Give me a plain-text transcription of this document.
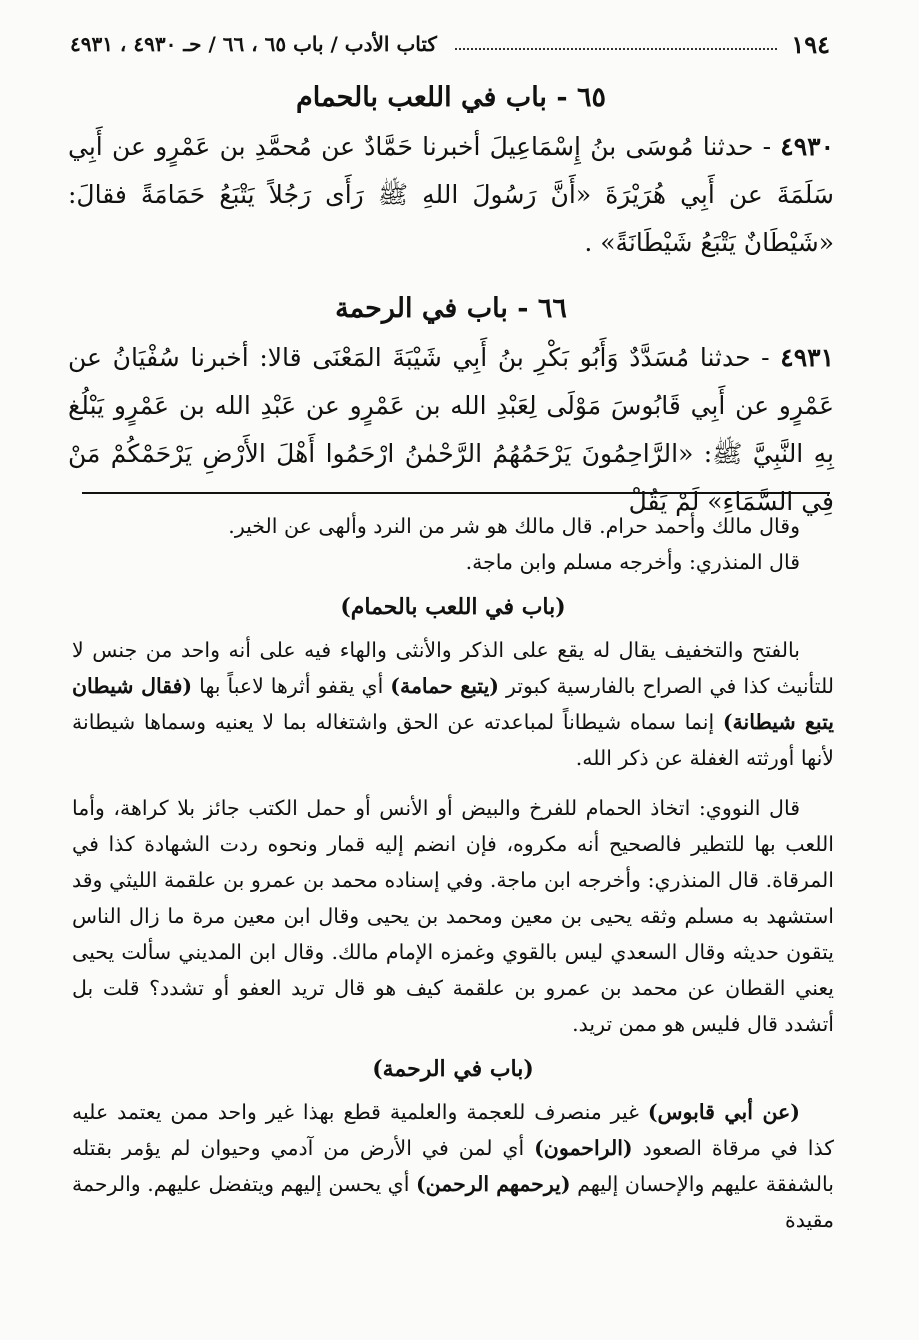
١٩٤
كتاب الأدب / باب ٦٥ ، ٦٦ / حـ ٤٩٣٠ ، ٤٩٣١
٦٥ - باب في اللعب بالحمام

٤٩٣٠ - حدثنا مُوسَى بنُ إِسْمَاعِيلَ أخبرنا حَمَّادٌ عن مُحمَّدِ بن عَمْرٍو عن أَبِي سَلَمَةَ عن أَبِي هُرَيْرَةَ «أَنَّ رَسُولَ اللهِ ﷺ رَأَى رَجُلاً يَتْبَعُ حَمَامَةً فقالَ: «شَيْطَانٌ يَتْبَعُ شَيْطَانَةً» .

٦٦ - باب في الرحمة

٤٩٣١ - حدثنا مُسَدَّدٌ وَأَبُو بَكْرِ بنُ أَبِي شَيْبَةَ المَعْنَى قالا: أخبرنا سُفْيَانُ عن عَمْرٍو عن أَبِي قَابُوسَ مَوْلَى لِعَبْدِ الله بن عَمْرٍو عن عَبْدِ الله بن عَمْرٍو يَبْلُغ بِهِ النَّبِيَّ ﷺ: «الرَّاحِمُونَ يَرْحَمُهُمُ الرَّحْمٰنُ ارْحَمُوا أَهْلَ الأَرْضِ يَرْحَمْكُمْ مَنْ فِي السَّمَاءِ» لَمْ يَقُلْ

وقال مالك وأحمد حرام. قال مالك هو شر من النرد وألهى عن الخير.

قال المنذري: وأخرجه مسلم وابن ماجة.

(باب في اللعب بالحمام)

بالفتح والتخفيف يقال له يقع على الذكر والأنثى والهاء فيه على أنه واحد من جنس لا للتأنيث كذا في الصراح بالفارسية كبوتر (يتبع حمامة) أي يقفو أثرها لاعباً بها (فقال شيطان يتبع شيطانة) إنما سماه شيطاناً لمباعدته عن الحق واشتغاله بما لا يعنيه وسماها شيطانة لأنها أورثته الغفلة عن ذكر الله.

قال النووي: اتخاذ الحمام للفرخ والبيض أو الأنس أو حمل الكتب جائز بلا كراهة، وأما اللعب بها للتطير فالصحيح أنه مكروه، فإن انضم إليه قمار ونحوه ردت الشهادة كذا في المرقاة. قال المنذري: وأخرجه ابن ماجة. وفي إسناده محمد بن عمرو بن علقمة الليثي وقد استشهد به مسلم وثقه يحيى بن معين ومحمد بن يحيى وقال ابن معين مرة ما زال الناس يتقون حديثه وقال السعدي ليس بالقوي وغمزه الإمام مالك. وقال ابن المديني سألت يحيى يعني القطان عن محمد بن عمرو بن علقمة كيف هو قال تريد العفو أو تشدد؟ قلت بل أتشدد قال فليس هو ممن تريد.

(باب في الرحمة)

(عن أبي قابوس) غير منصرف للعجمة والعلمية قطع بهذا غير واحد ممن يعتمد عليه كذا في مرقاة الصعود (الراحمون) أي لمن في الأرض من آدمي وحيوان لم يؤمر بقتله بالشفقة عليهم والإحسان إليهم (يرحمهم الرحمن) أي يحسن إليهم ويتفضل عليهم. والرحمة مقيدة
